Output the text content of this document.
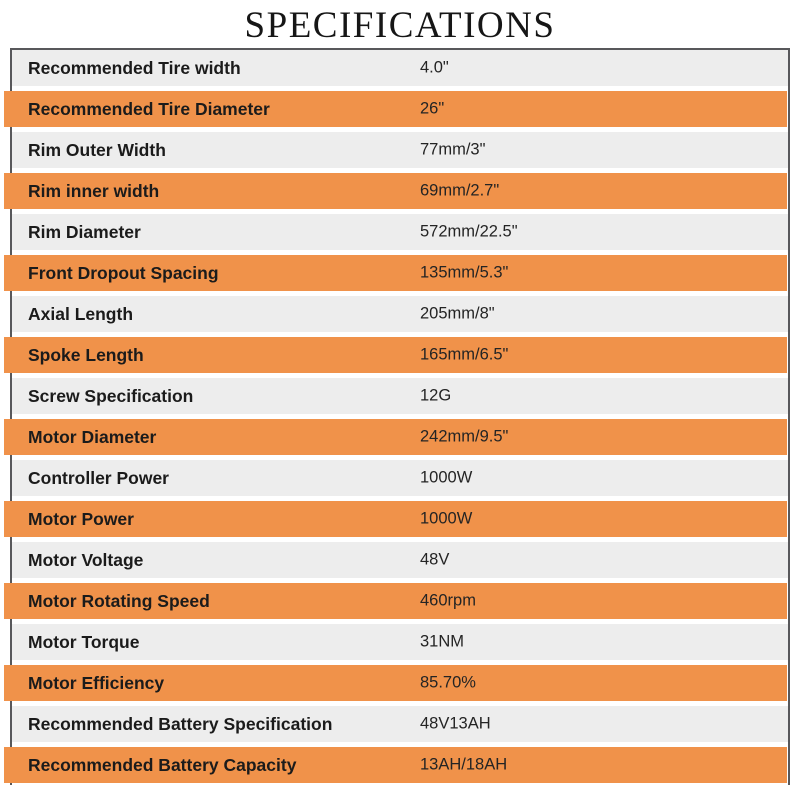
SPECIFICATIONS
Recommended Tire width	4.0"
Recommended Tire Diameter	26"
Rim Outer Width	77mm/3"
Rim inner width	69mm/2.7"
Rim Diameter	572mm/22.5"
Front Dropout Spacing	135mm/5.3"
Axial Length	205mm/8"
Spoke Length	165mm/6.5"
Screw Specification	12G
Motor Diameter	242mm/9.5"
Controller Power	1000W
Motor Power	1000W
Motor Voltage	48V
Motor Rotating Speed	460rpm
Motor Torque	31NM
Motor Efficiency	85.70%
Recommended Battery Specification	48V13AH
Recommended Battery Capacity	13AH/18AH
